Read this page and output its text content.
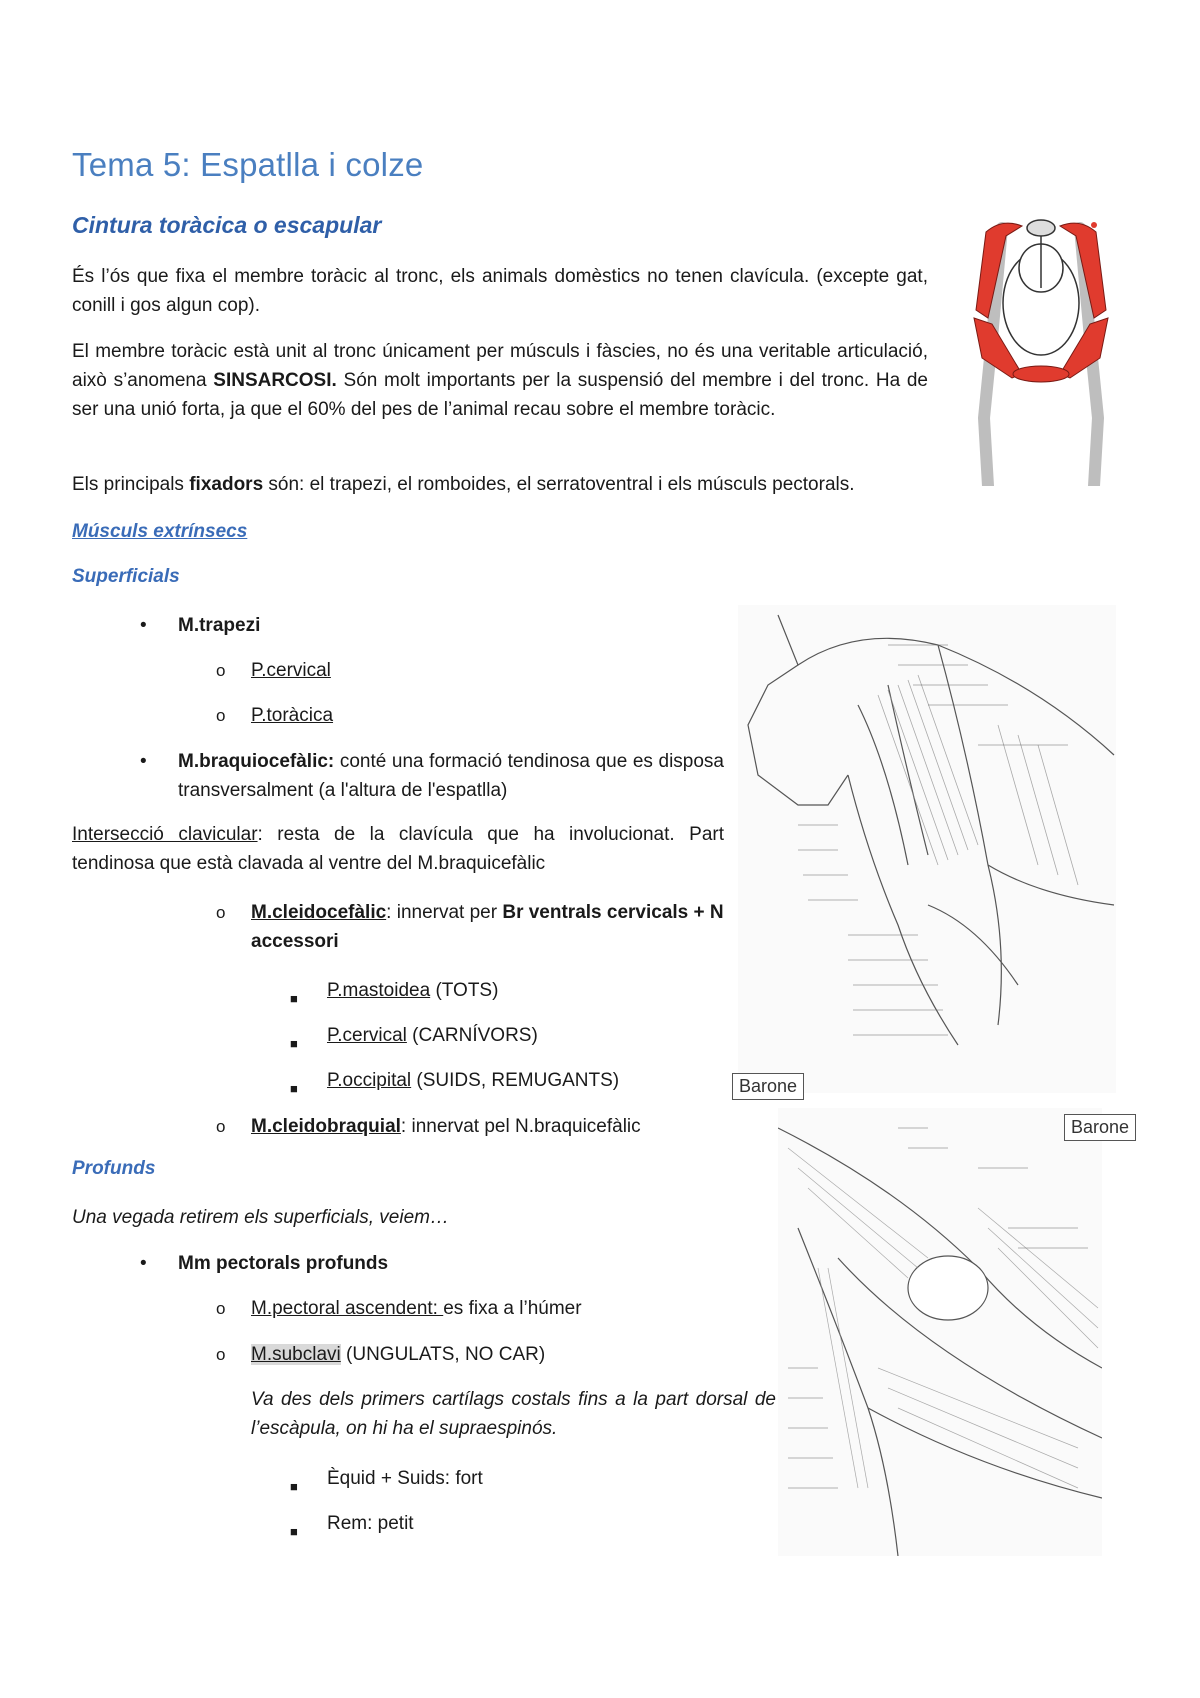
Tema 5: Espatlla i colze
Cintura toràcica o escapular

És l’ós que fixa el membre toràcic al tronc, els animals domèstics no tenen clavícula. (excepte gat, conill i gos algun cop).

El membre toràcic està unit al tronc únicament per músculs i fàscies, no és una veritable articulació, això s’anomena SINSARCOSI. Són molt importants per la suspensió del membre i del tronc. Ha de ser una unió forta, ja que el 60% del pes de l’animal recau sobre el membre toràcic.

Els principals fixadors són: el trapezi, el romboides, el serratoventral i els músculs pectorals.

Músculs extrínsecs
Superficials
• M.trapezi
o P.cervical
o P.toràcica
• M.braquiocefàlic: conté una formació tendinosa que es disposa transversalment (a l'altura de l'espatlla)

Intersecció clavicular: resta de la clavícula que ha involucionat. Part tendinosa que està clavada al ventre del M.braquicefàlic

o M.cleidocefàlic: innervat per Br ventrals cervicals + N accessori
■ P.mastoidea (TOTS)
■ P.cervical (CARNÍVORS)
■ P.occipital (SUIDS, REMUGANTS)
o M.cleidobraquial: innervat pel N.braquicefàlic
Profunds
Una vegada retirem els superficials, veiem…
• Mm pectorals profunds
o M.pectoral ascendent: es fixa a l’húmer
o M.subclavi (UNGULATS, NO CAR)
Va des dels primers cartílags costals fins a la part dorsal de l’escàpula, on hi ha el supraespinós.
■ Èquid + Suids: fort
■ Rem: petit
Barone
Barone
